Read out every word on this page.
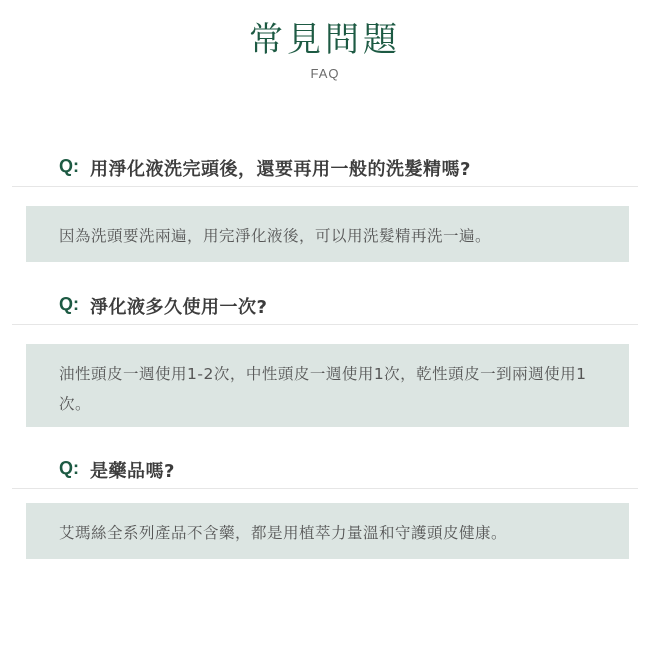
常見問題
FAQ
Q: 用淨化液洗完頭後，還要再用一般的洗髮精嗎?
因為洗頭要洗兩遍，用完淨化液後，可以用洗髮精再洗一遍。
Q: 淨化液多久使用一次?
油性頭皮一週使用1-2次，中性頭皮一週使用1次，乾性頭皮一到兩週使用1次。
Q: 是藥品嗎?
艾瑪絲全系列產品不含藥，都是用植萃力量溫和守護頭皮健康。
